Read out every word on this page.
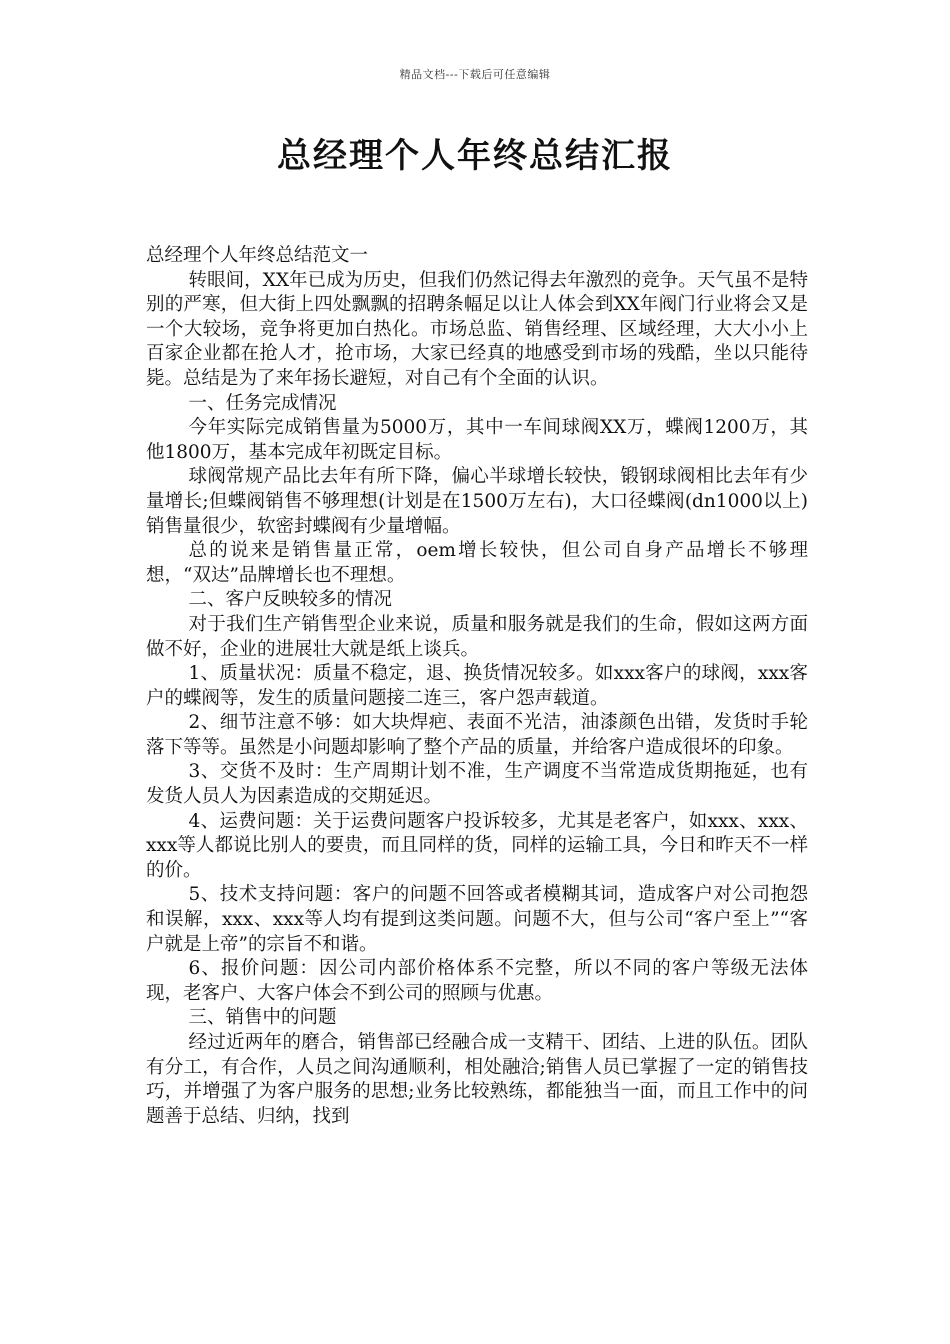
精品文档---下载后可任意编辑
总经理个人年终总结汇报

总经理个人年终总结范文一

转眼间，XX年已成为历史，但我们仍然记得去年激烈的竞争。天气虽不是特别的严寒，但大街上四处飘飘的招聘条幅足以让人体会到XX年阀门行业将会又是一个大较场，竞争将更加白热化。市场总监、销售经理、区域经理，大大小小上百家企业都在抢人才，抢市场，大家已经真的地感受到市场的残酷，坐以只能待毙。总结是为了来年扬长避短，对自己有个全面的认识。

一、任务完成情况

今年实际完成销售量为5000万，其中一车间球阀XX万，蝶阀1200万，其他1800万，基本完成年初既定目标。

球阀常规产品比去年有所下降，偏心半球增长较快，锻钢球阀相比去年有少量增长;但蝶阀销售不够理想(计划是在1500万左右)，大口径蝶阀(dn1000以上)销售量很少，软密封蝶阀有少量增幅。

总的说来是销售量正常，oem增长较快，但公司自身产品增长不够理想，“双达”品牌增长也不理想。

二、客户反映较多的情况

对于我们生产销售型企业来说，质量和服务就是我们的生命，假如这两方面做不好，企业的进展壮大就是纸上谈兵。

1、质量状况：质量不稳定，退、换货情况较多。如xxx客户的球阀，xxx客户的蝶阀等，发生的质量问题接二连三，客户怨声载道。

2、细节注意不够：如大块焊疤、表面不光洁，油漆颜色出错，发货时手轮落下等等。虽然是小问题却影响了整个产品的质量，并给客户造成很坏的印象。

3、交货不及时：生产周期计划不准，生产调度不当常造成货期拖延，也有发货人员人为因素造成的交期延迟。

4、运费问题：关于运费问题客户投诉较多，尤其是老客户，如xxx、xxx、xxx等人都说比别人的要贵，而且同样的货，同样的运输工具，今日和昨天不一样的价。

5、技术支持问题：客户的问题不回答或者模糊其词，造成客户对公司抱怨和误解，xxx、xxx等人均有提到这类问题。问题不大，但与公司“客户至上”“客户就是上帝”的宗旨不和谐。

6、报价问题：因公司内部价格体系不完整，所以不同的客户等级无法体现，老客户、大客户体会不到公司的照顾与优惠。

三、销售中的问题

经过近两年的磨合，销售部已经融合成一支精干、团结、上进的队伍。团队有分工，有合作，人员之间沟通顺利，相处融洽;销售人员已掌握了一定的销售技巧，并增强了为客户服务的思想;业务比较熟练，都能独当一面，而且工作中的问题善于总结、归纳，找到
